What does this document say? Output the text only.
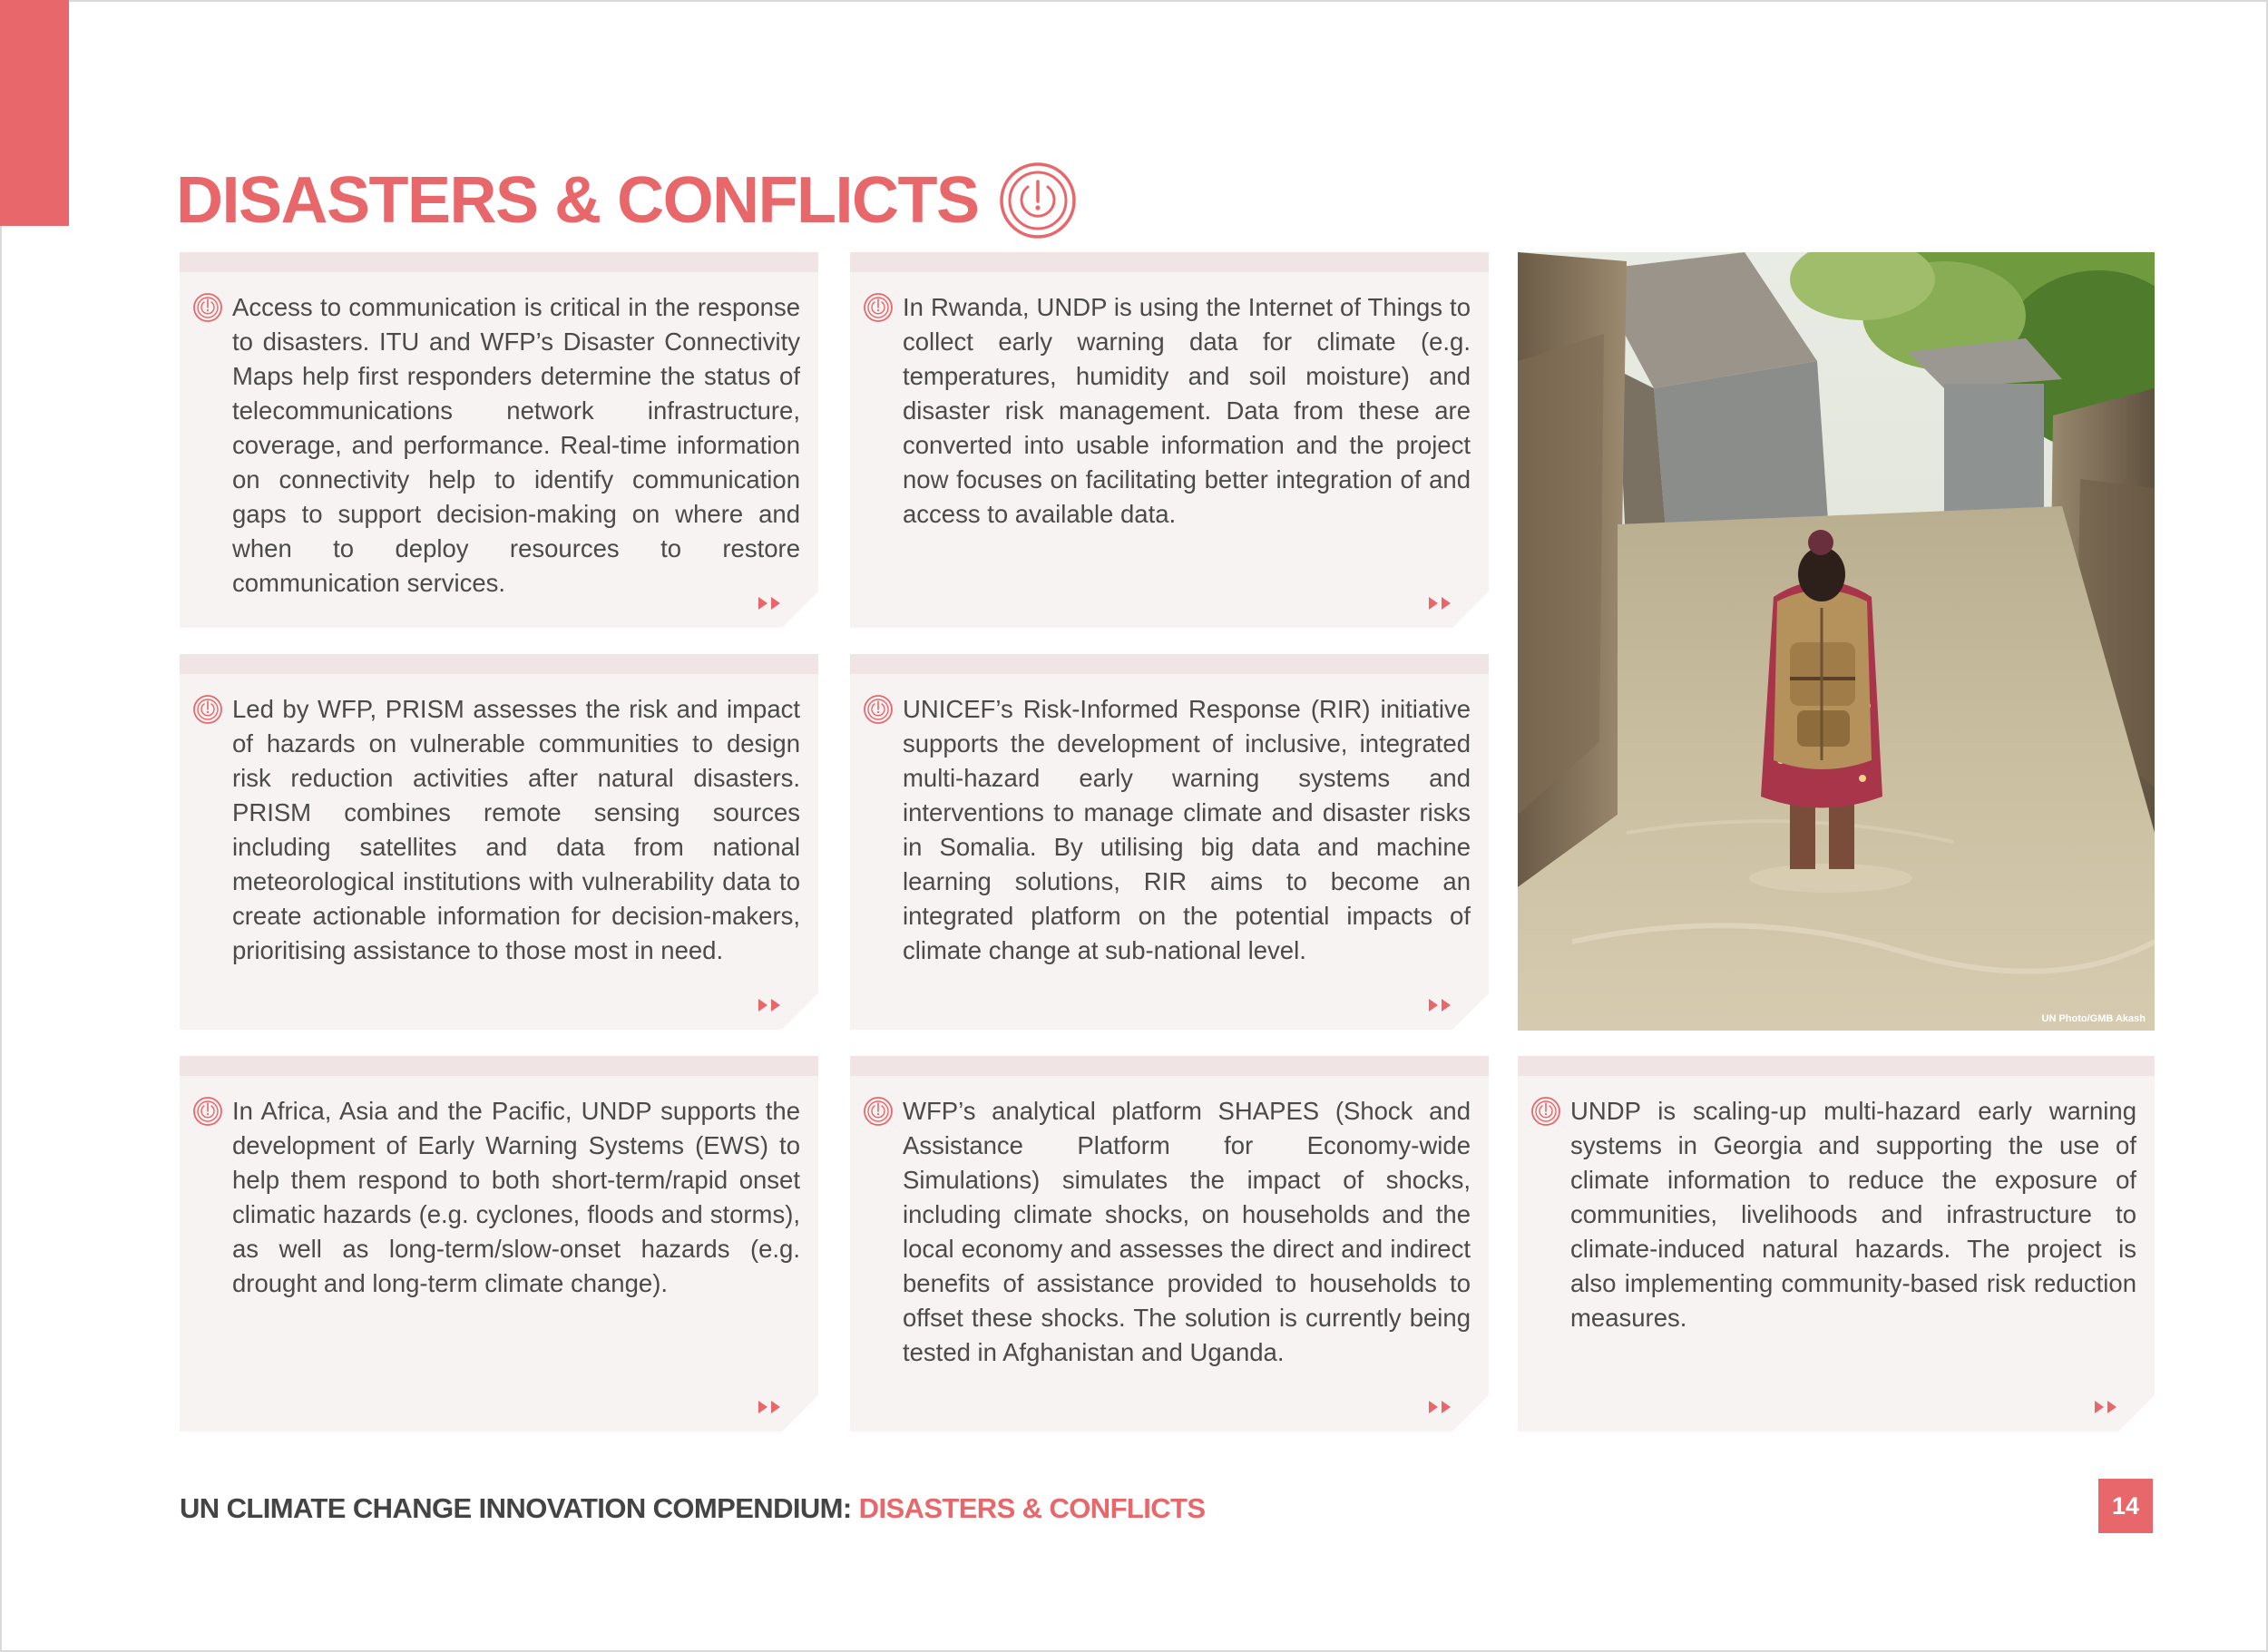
DISASTERS & CONFLICTS

Access to communication is critical in the response to disasters. ITU and WFP’s Disaster Connectivity Maps help first responders determine the status of telecommunications network infrastructure, coverage, and performance. Real-time information on connectivity help to identify communication gaps to support decision-making on where and when to deploy resources to restore communication services.

In Rwanda, UNDP is using the Internet of Things to collect early warning data for climate (e.g. temperatures, humidity and soil moisture) and disaster risk management. Data from these are converted into usable information and the project now focuses on facilitating better integration of and access to available data.

Led by WFP, PRISM assesses the risk and impact of hazards on vulnerable communities to design risk reduction activities after natural disasters. PRISM combines remote sensing sources including satellites and data from national meteorological institutions with vulnerability data to create actionable information for decision-makers, prioritising assistance to those most in need.

UNICEF’s Risk-Informed Response (RIR) initiative supports the development of inclusive, integrated multi-hazard early warning systems and interventions to manage climate and disaster risks in Somalia. By utilising big data and machine learning solutions, RIR aims to become an integrated platform on the potential impacts of climate change at sub-national level.

In Africa, Asia and the Pacific, UNDP supports the development of Early Warning Systems (EWS) to help them respond to both short-term/rapid onset climatic hazards (e.g. cyclones, floods and storms), as well as long-term/slow-onset hazards (e.g. drought and long-term climate change).

WFP’s analytical platform SHAPES (Shock and Assistance Platform for Economy-wide Simulations) simulates the impact of shocks, including climate shocks, on households and the local economy and assesses the direct and indirect benefits of assistance provided to households to offset these shocks. The solution is currently being tested in Afghanistan and Uganda.

UNDP is scaling-up multi-hazard early warning systems in Georgia and supporting the use of climate information to reduce the exposure of communities, livelihoods and infrastructure to climate-induced natural hazards. The project is also implementing community-based risk reduction measures.

UN Photo/GMB Akash
UN CLIMATE CHANGE INNOVATION COMPENDIUM: DISASTERS & CONFLICTS	14
